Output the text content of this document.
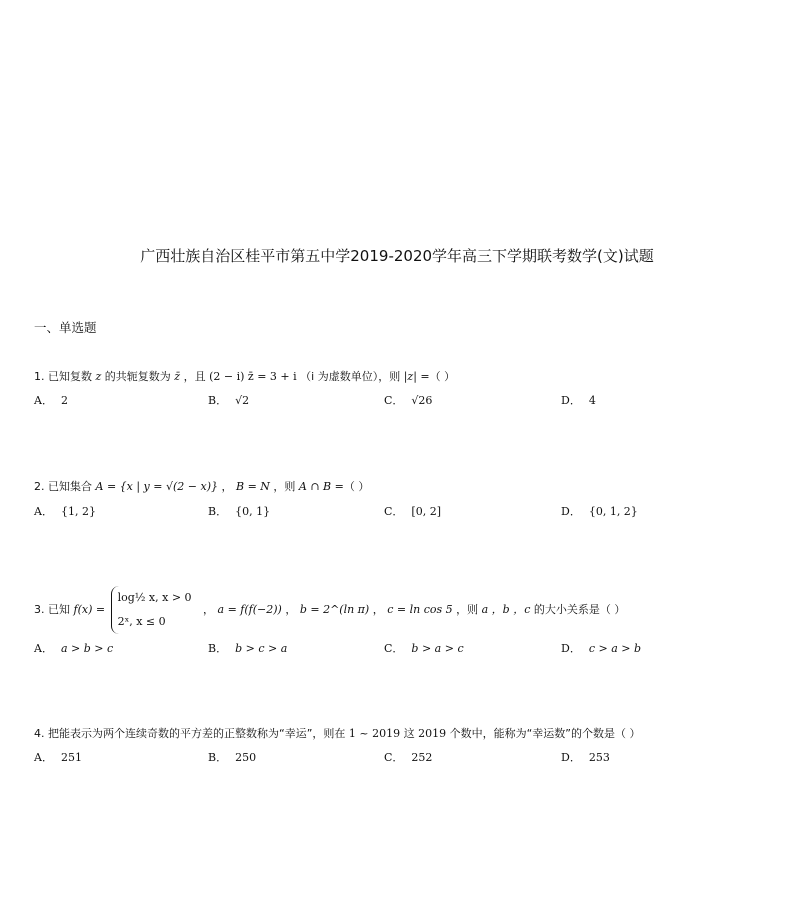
广西壮族自治区桂平市第五中学2019-2020学年高三下学期联考数学(文)试题
一、单选题
1. 已知复数 z 的共轭复数为 z̄ ，且 (2 − i) z̄ = 3 + i （i 为虚数单位），则 |z| =（ ）
A． 2	B． √2	C． √26	D． 4
2. 已知集合 A = {x | y = √(2 − x)} ， B = N ，则 A ∩ B =（ ）
A． {1, 2}	B． {0, 1}	C． [0, 2]	D． {0, 1, 2}
3. 已知 f(x) =
log½ x, x > 0
2ˣ, x ≤ 0
， a = f(f(−2)) ， b = 2^(ln π) ， c = ln cos 5 ，则 a ，b ，c 的大小关系是（ ）
A． a > b > c	B． b > c > a	C． b > a > c	D． c > a > b
4. 把能表示为两个连续奇数的平方差的正整数称为“幸运”，则在 1 ~ 2019 这 2019 个数中，能称为“幸运数”的个数是（ ）
A． 251	B． 250	C． 252	D． 253
